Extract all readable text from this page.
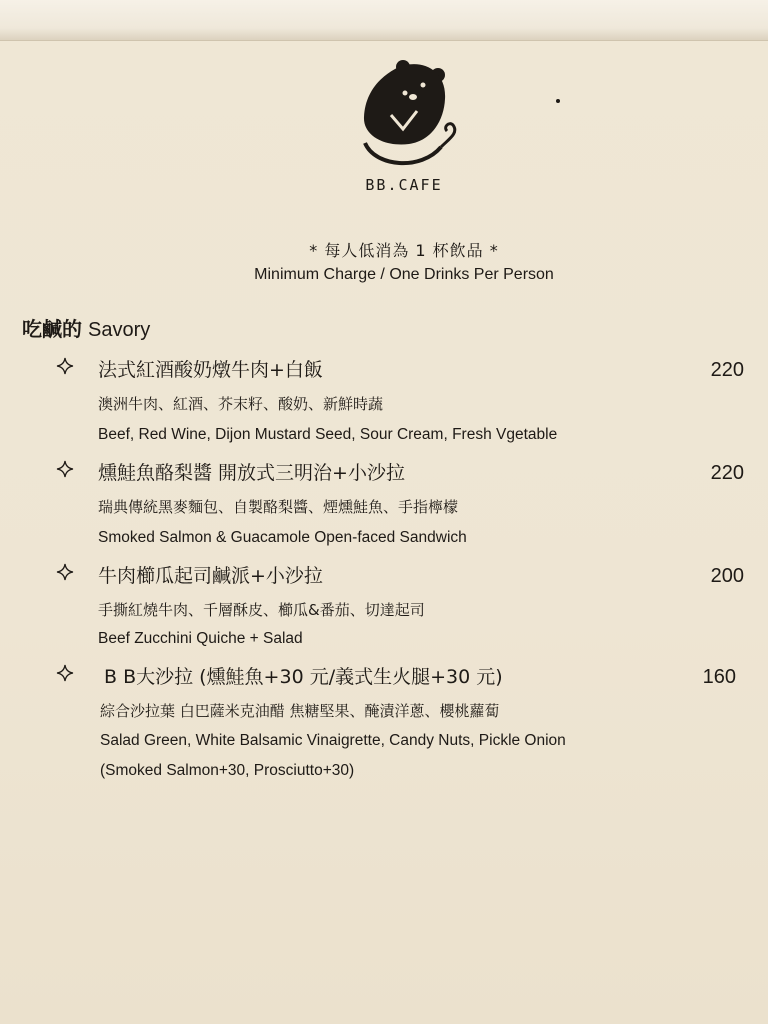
BB.CAFE
* 每人低消為 1 杯飲品 *
Minimum Charge / One Drinks Per Person
吃鹹的 Savory
法式紅酒酸奶燉牛肉+白飯	220
澳洲牛肉、紅酒、芥末籽、酸奶、新鮮時蔬
Beef, Red Wine, Dijon Mustard Seed, Sour Cream, Fresh Vgetable
燻鮭魚酪梨醬 開放式三明治+小沙拉	220
瑞典傳統黑麥麵包、自製酪梨醬、煙燻鮭魚、手指檸檬
Smoked Salmon & Guacamole Open-faced Sandwich
牛肉櫛瓜起司鹹派+小沙拉	200
手撕紅燒牛肉、千層酥皮、櫛瓜&番茄、切達起司
Beef Zucchini Quiche + Salad
B B大沙拉 (燻鮭魚+30 元/義式生火腿+30 元)	160
綜合沙拉葉 白巴薩米克油醋 焦糖堅果、醃漬洋蔥、櫻桃蘿蔔
Salad Green, White Balsamic Vinaigrette, Candy Nuts, Pickle Onion
(Smoked Salmon+30, Prosciutto+30)
